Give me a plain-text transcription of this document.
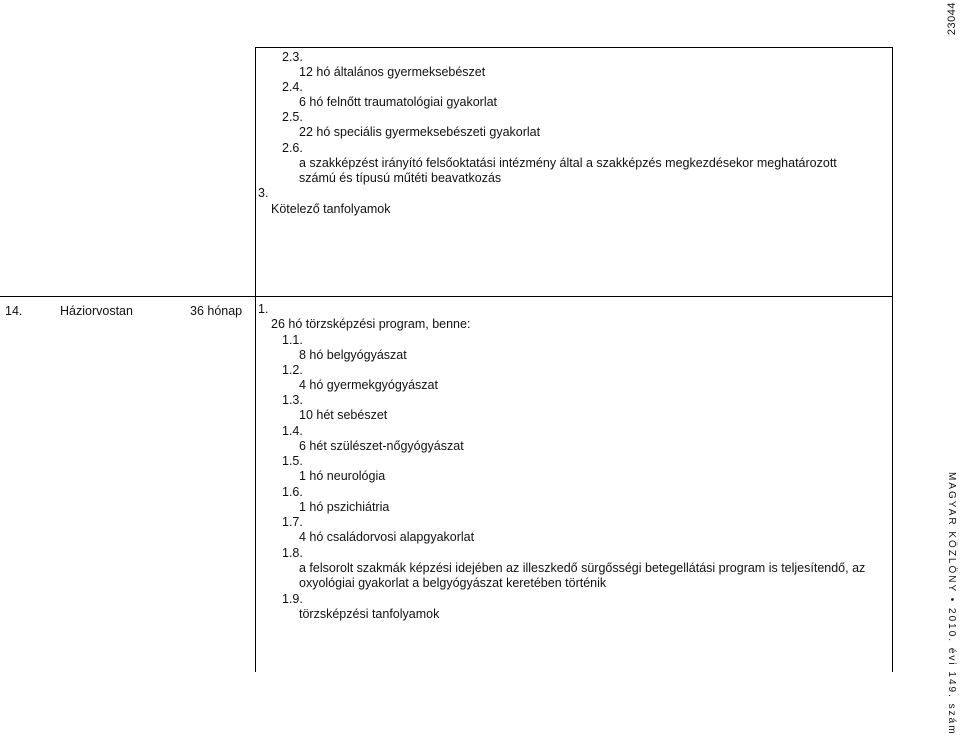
23044
MAGYAR KÖZLÖNY • 2010. évi 149. szám
2.3.
12 hó általános gyermeksebészet
2.4.
6 hó felnőtt traumatológiai gyakorlat
2.5.
22 hó speciális gyermeksebészeti gyakorlat
2.6.
a szakképzést irányító felsőoktatási intézmény által a szakképzés megkezdésekor meghatározott számú és típusú műtéti beavatkozás
3.
Kötelező tanfolyamok
14.	Háziorvostan	36 hónap 1.
26 hó törzsképzési program, benne:
1.1.
8 hó belgyógyászat
1.2.
4 hó gyermekgyógyászat
1.3.
10 hét sebészet
1.4.
6 hét szülészet-nőgyógyászat
1.5.
1 hó neurológia
1.6.
1 hó pszichiátria
1.7.
4 hó családorvosi alapgyakorlat
1.8.
a felsorolt szakmák képzési idejében az illeszkedő sürgősségi betegellátási program is teljesítendő, az oxyológiai gyakorlat a belgyógyászat keretében történik
1.9.
törzsképzési tanfolyamok
